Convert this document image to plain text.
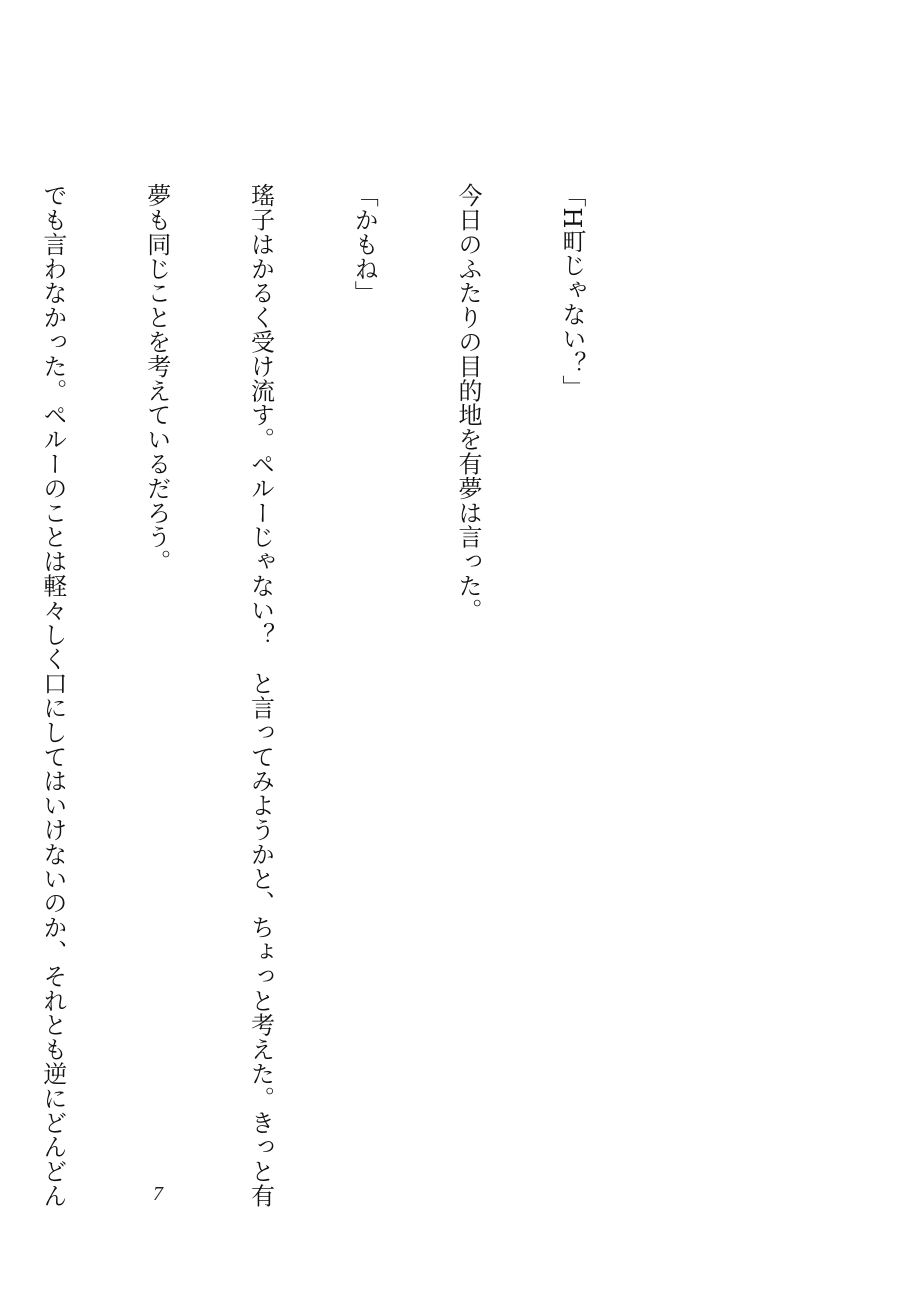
「H町じゃない？」

今日のふたりの目的地を有夢は言った。

「かもね」

瑤子はかるく受け流す。ペルーじゃない？　と言ってみようかと、ちょっと考えた。きっと有

夢も同じことを考えているだろう。

でも言わなかった。ペルーのことは軽々しく口にしてはいけないのか、それとも逆にどんどん

	7
